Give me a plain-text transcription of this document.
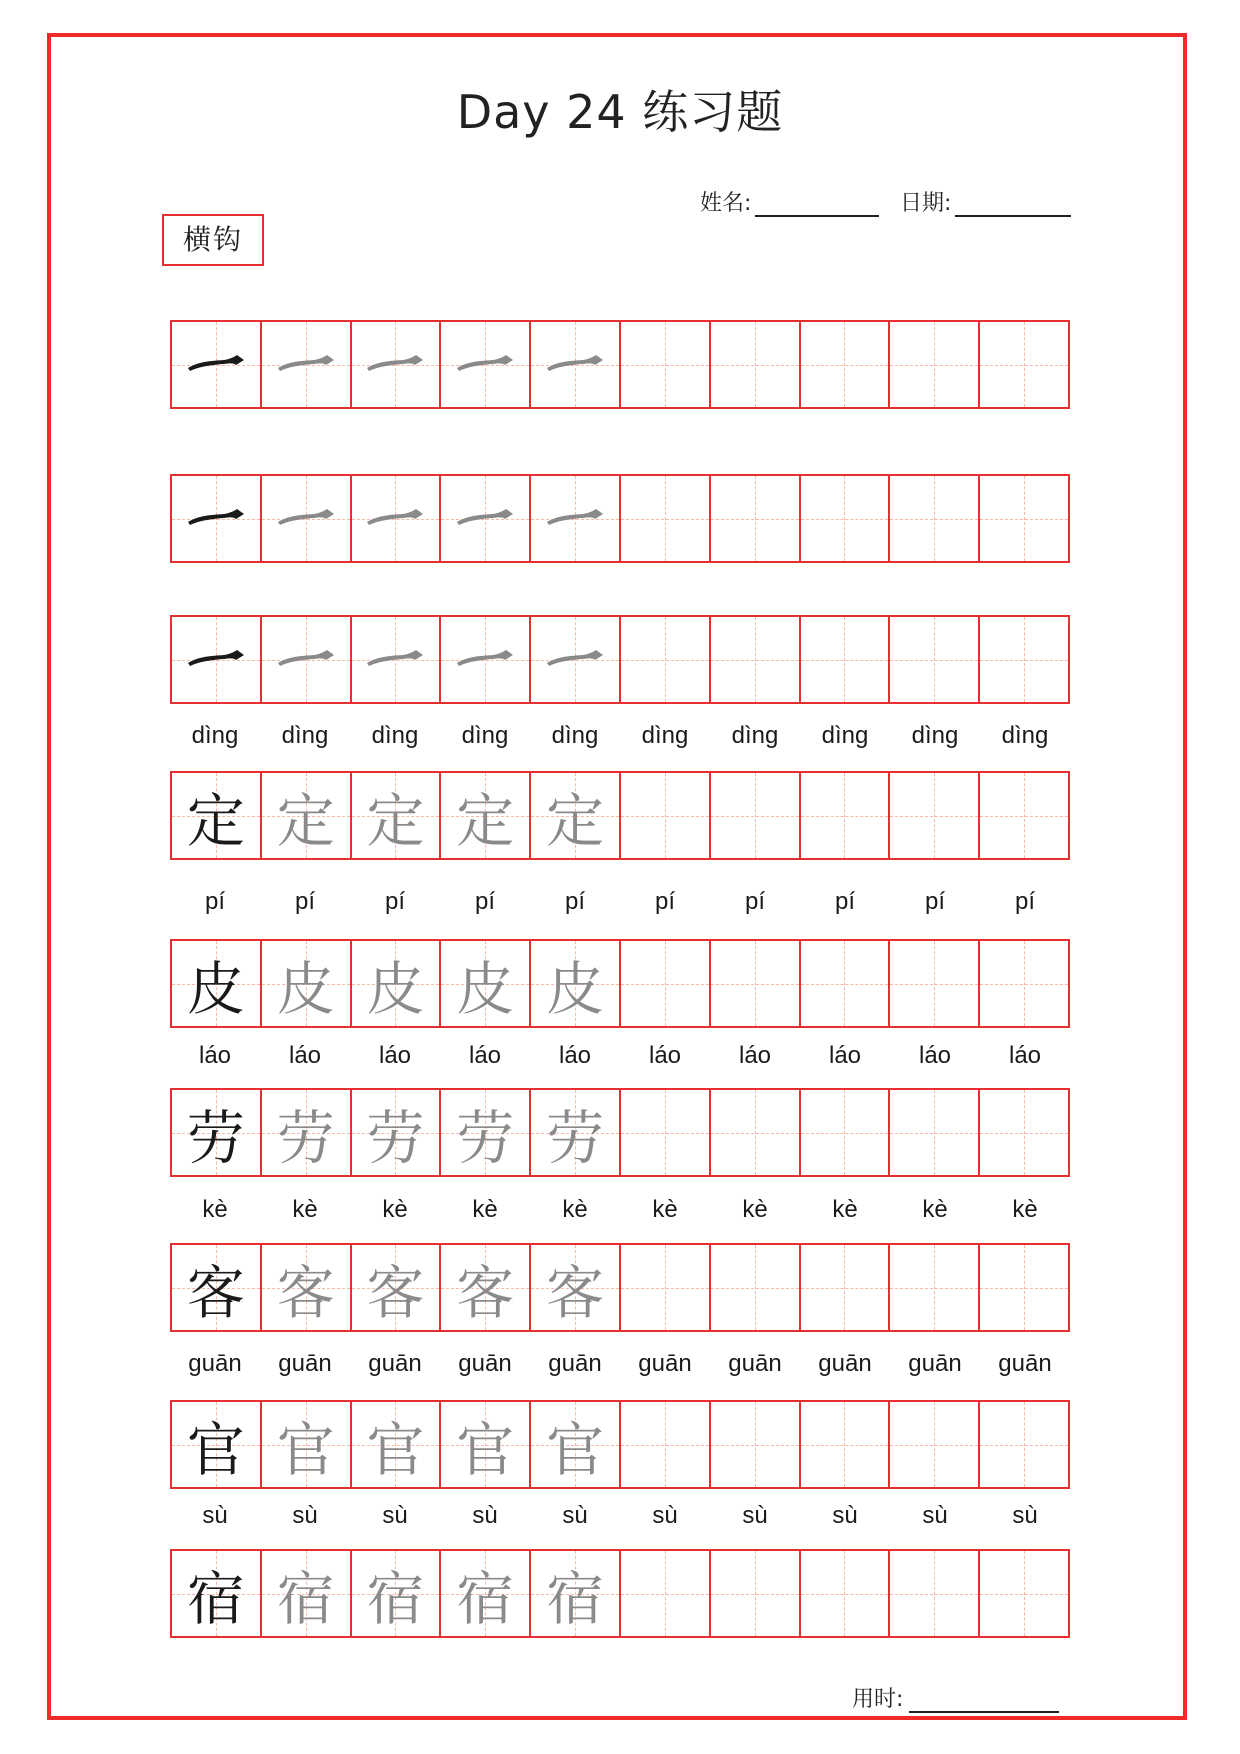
Day 24 练习题
姓名:	日期:
横钩
dìng	dìng	dìng	dìng	dìng	dìng	dìng	dìng	dìng	dìng
定 定 定 定 定
pí	pí	pí	pí	pí	pí	pí	pí	pí	pí
皮 皮 皮 皮 皮
láo	láo	láo	láo	láo	láo	láo	láo	láo	láo
劳 劳 劳 劳 劳
kè	kè	kè	kè	kè	kè	kè	kè	kè	kè
客 客 客 客 客
guān	guān	guān	guān	guān	guān	guān	guān	guān	guān
官 官 官 官 官
sù	sù	sù	sù	sù	sù	sù	sù	sù	sù
宿 宿 宿 宿 宿
用时:
